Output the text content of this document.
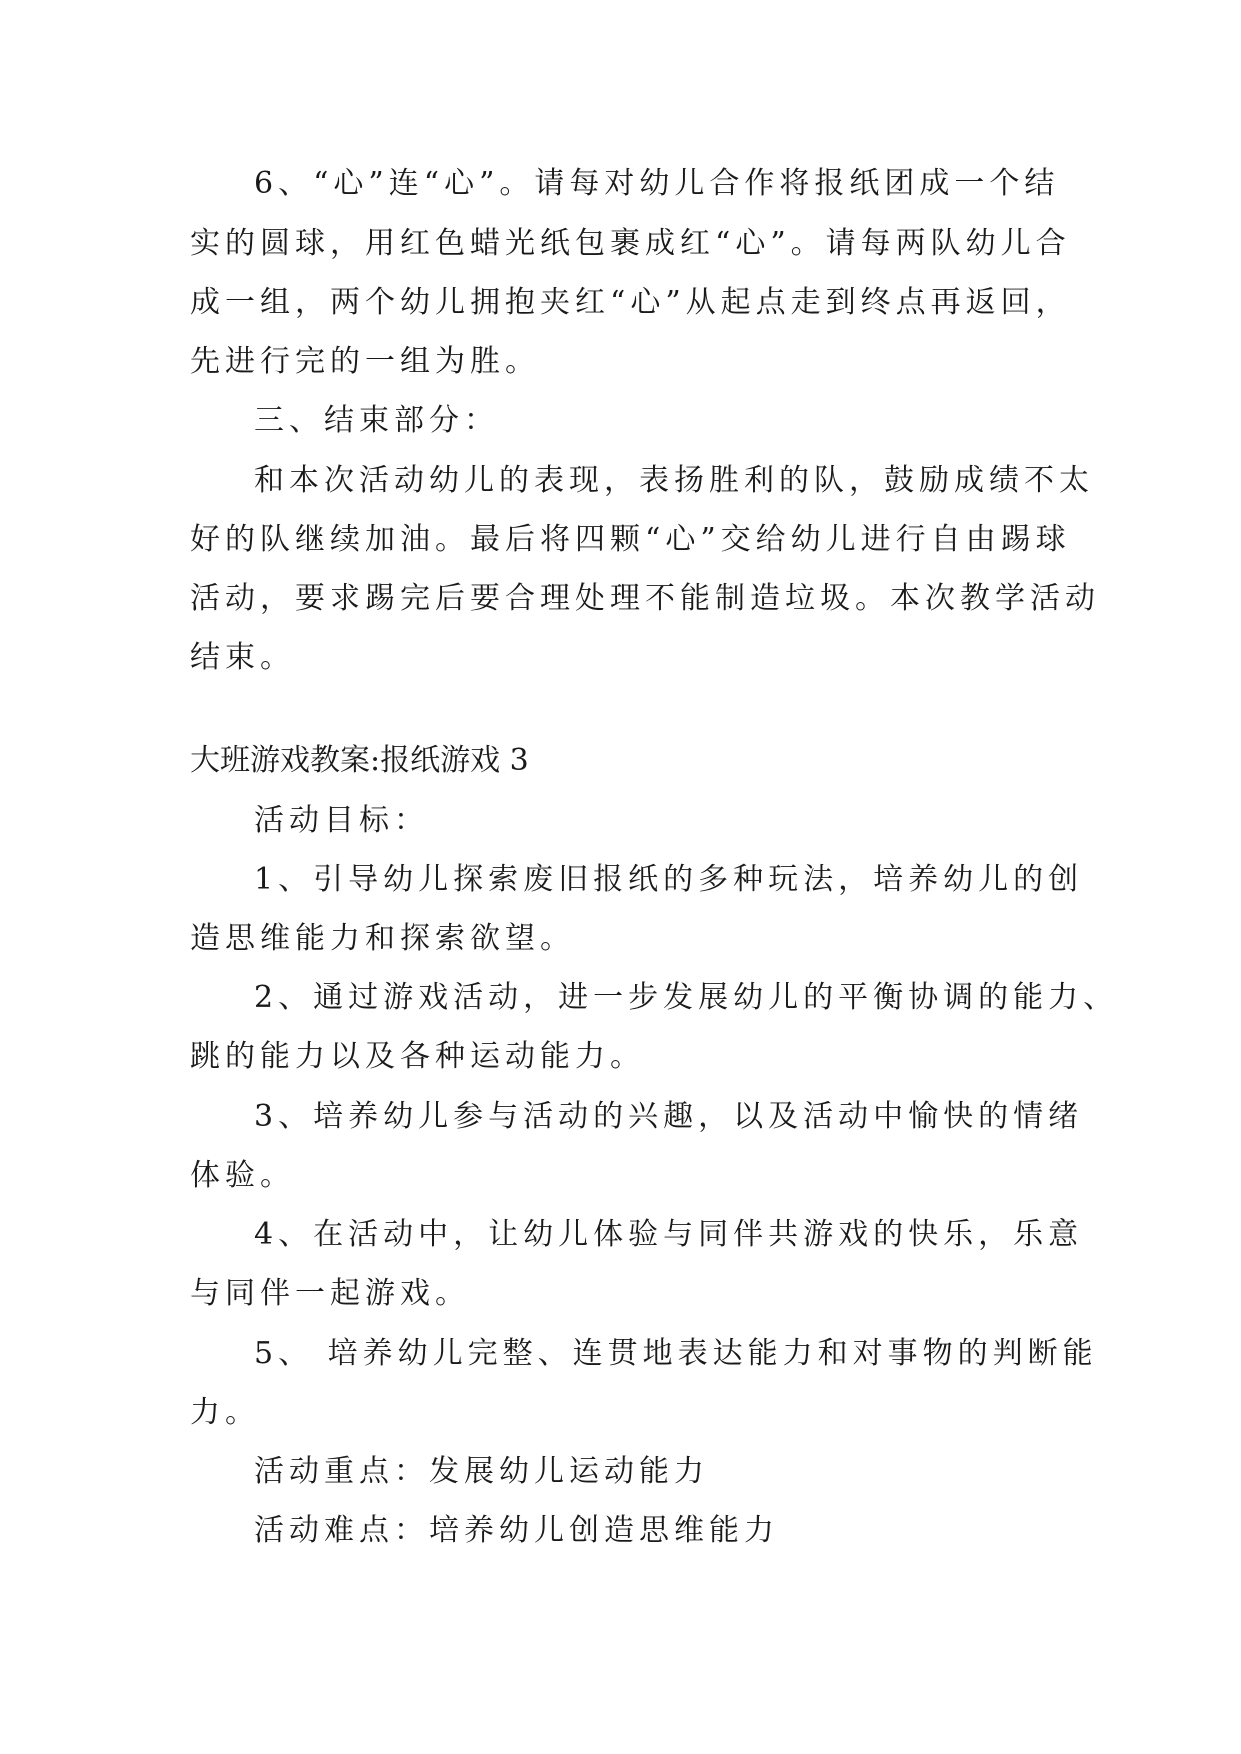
6、“心”连“心”。请每对幼儿合作将报纸团成一个结
实的圆球，用红色蜡光纸包裹成红“心”。请每两队幼儿合
成一组，两个幼儿拥抱夹红“心”从起点走到终点再返回，
先进行完的一组为胜。
三、结束部分：
和本次活动幼儿的表现，表扬胜利的队，鼓励成绩不太
好的队继续加油。最后将四颗“心”交给幼儿进行自由踢球
活动，要求踢完后要合理处理不能制造垃圾。本次教学活动
结束。
大班游戏教案:报纸游戏 3
活动目标：
1、引导幼儿探索废旧报纸的多种玩法，培养幼儿的创
造思维能力和探索欲望。
2、通过游戏活动，进一步发展幼儿的平衡协调的能力、
跳的能力以及各种运动能力。
3、培养幼儿参与活动的兴趣，以及活动中愉快的情绪
体验。
4、在活动中，让幼儿体验与同伴共游戏的快乐，乐意
与同伴一起游戏。
5、 培养幼儿完整、连贯地表达能力和对事物的判断能
力。
活动重点：发展幼儿运动能力
活动难点：培养幼儿创造思维能力
